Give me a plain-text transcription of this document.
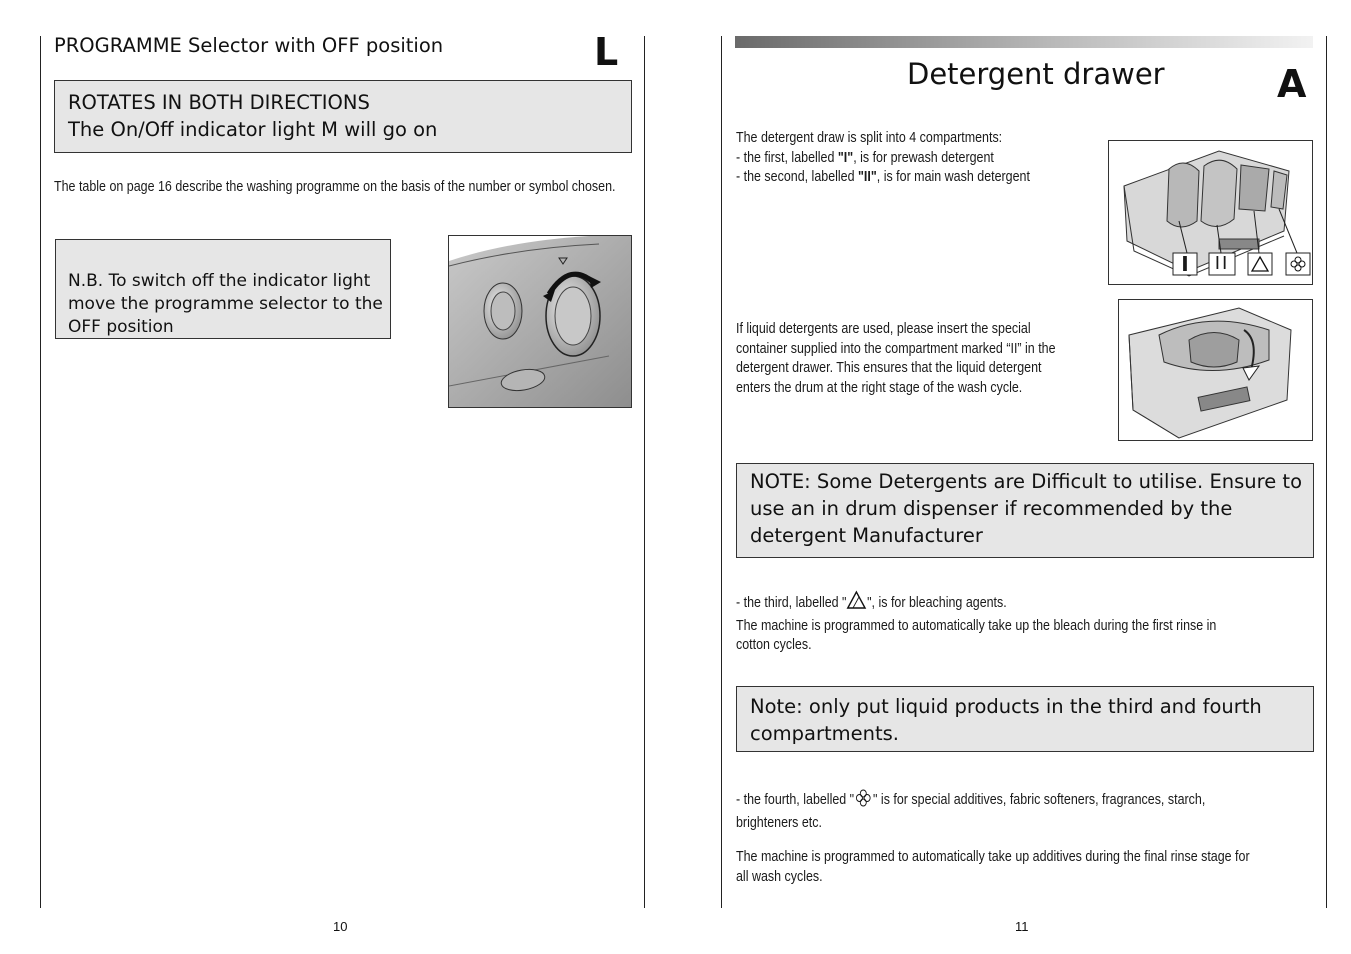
PROGRAMME Selector with OFF position	L
ROTATES IN BOTH DIRECTIONS
The On/Off indicator light M will go on
The table on page 16 describe the washing programme on the basis of the number or symbol chosen.
N.B. To switch off the indicator light
move the programme selector to the
OFF position
10
Detergent drawer	A
The detergent draw is split into 4 compartments:
- the first, labelled "I", is for prewash detergent
- the second, labelled "II", is for main wash detergent
I	II
If liquid detergents are used, please insert the special
container supplied into the compartment marked “II” in the
detergent drawer. This ensures that the liquid detergent
enters the drum at the right stage of the wash cycle.
NOTE: Some Detergents are Difficult to utilise. Ensure to
use an in drum dispenser if recommended by the
detergent Manufacturer
- the third, labelled " ", is for bleaching agents.
The machine is programmed to automatically take up the bleach during the first rinse in
cotton cycles.
Note: only put liquid products in the third and fourth
compartments.
- the fourth, labelled " " is for special additives, fabric softeners, fragrances, starch,
brighteners etc.
The machine is programmed to automatically take up additives during the final rinse stage for
all wash cycles.
11
